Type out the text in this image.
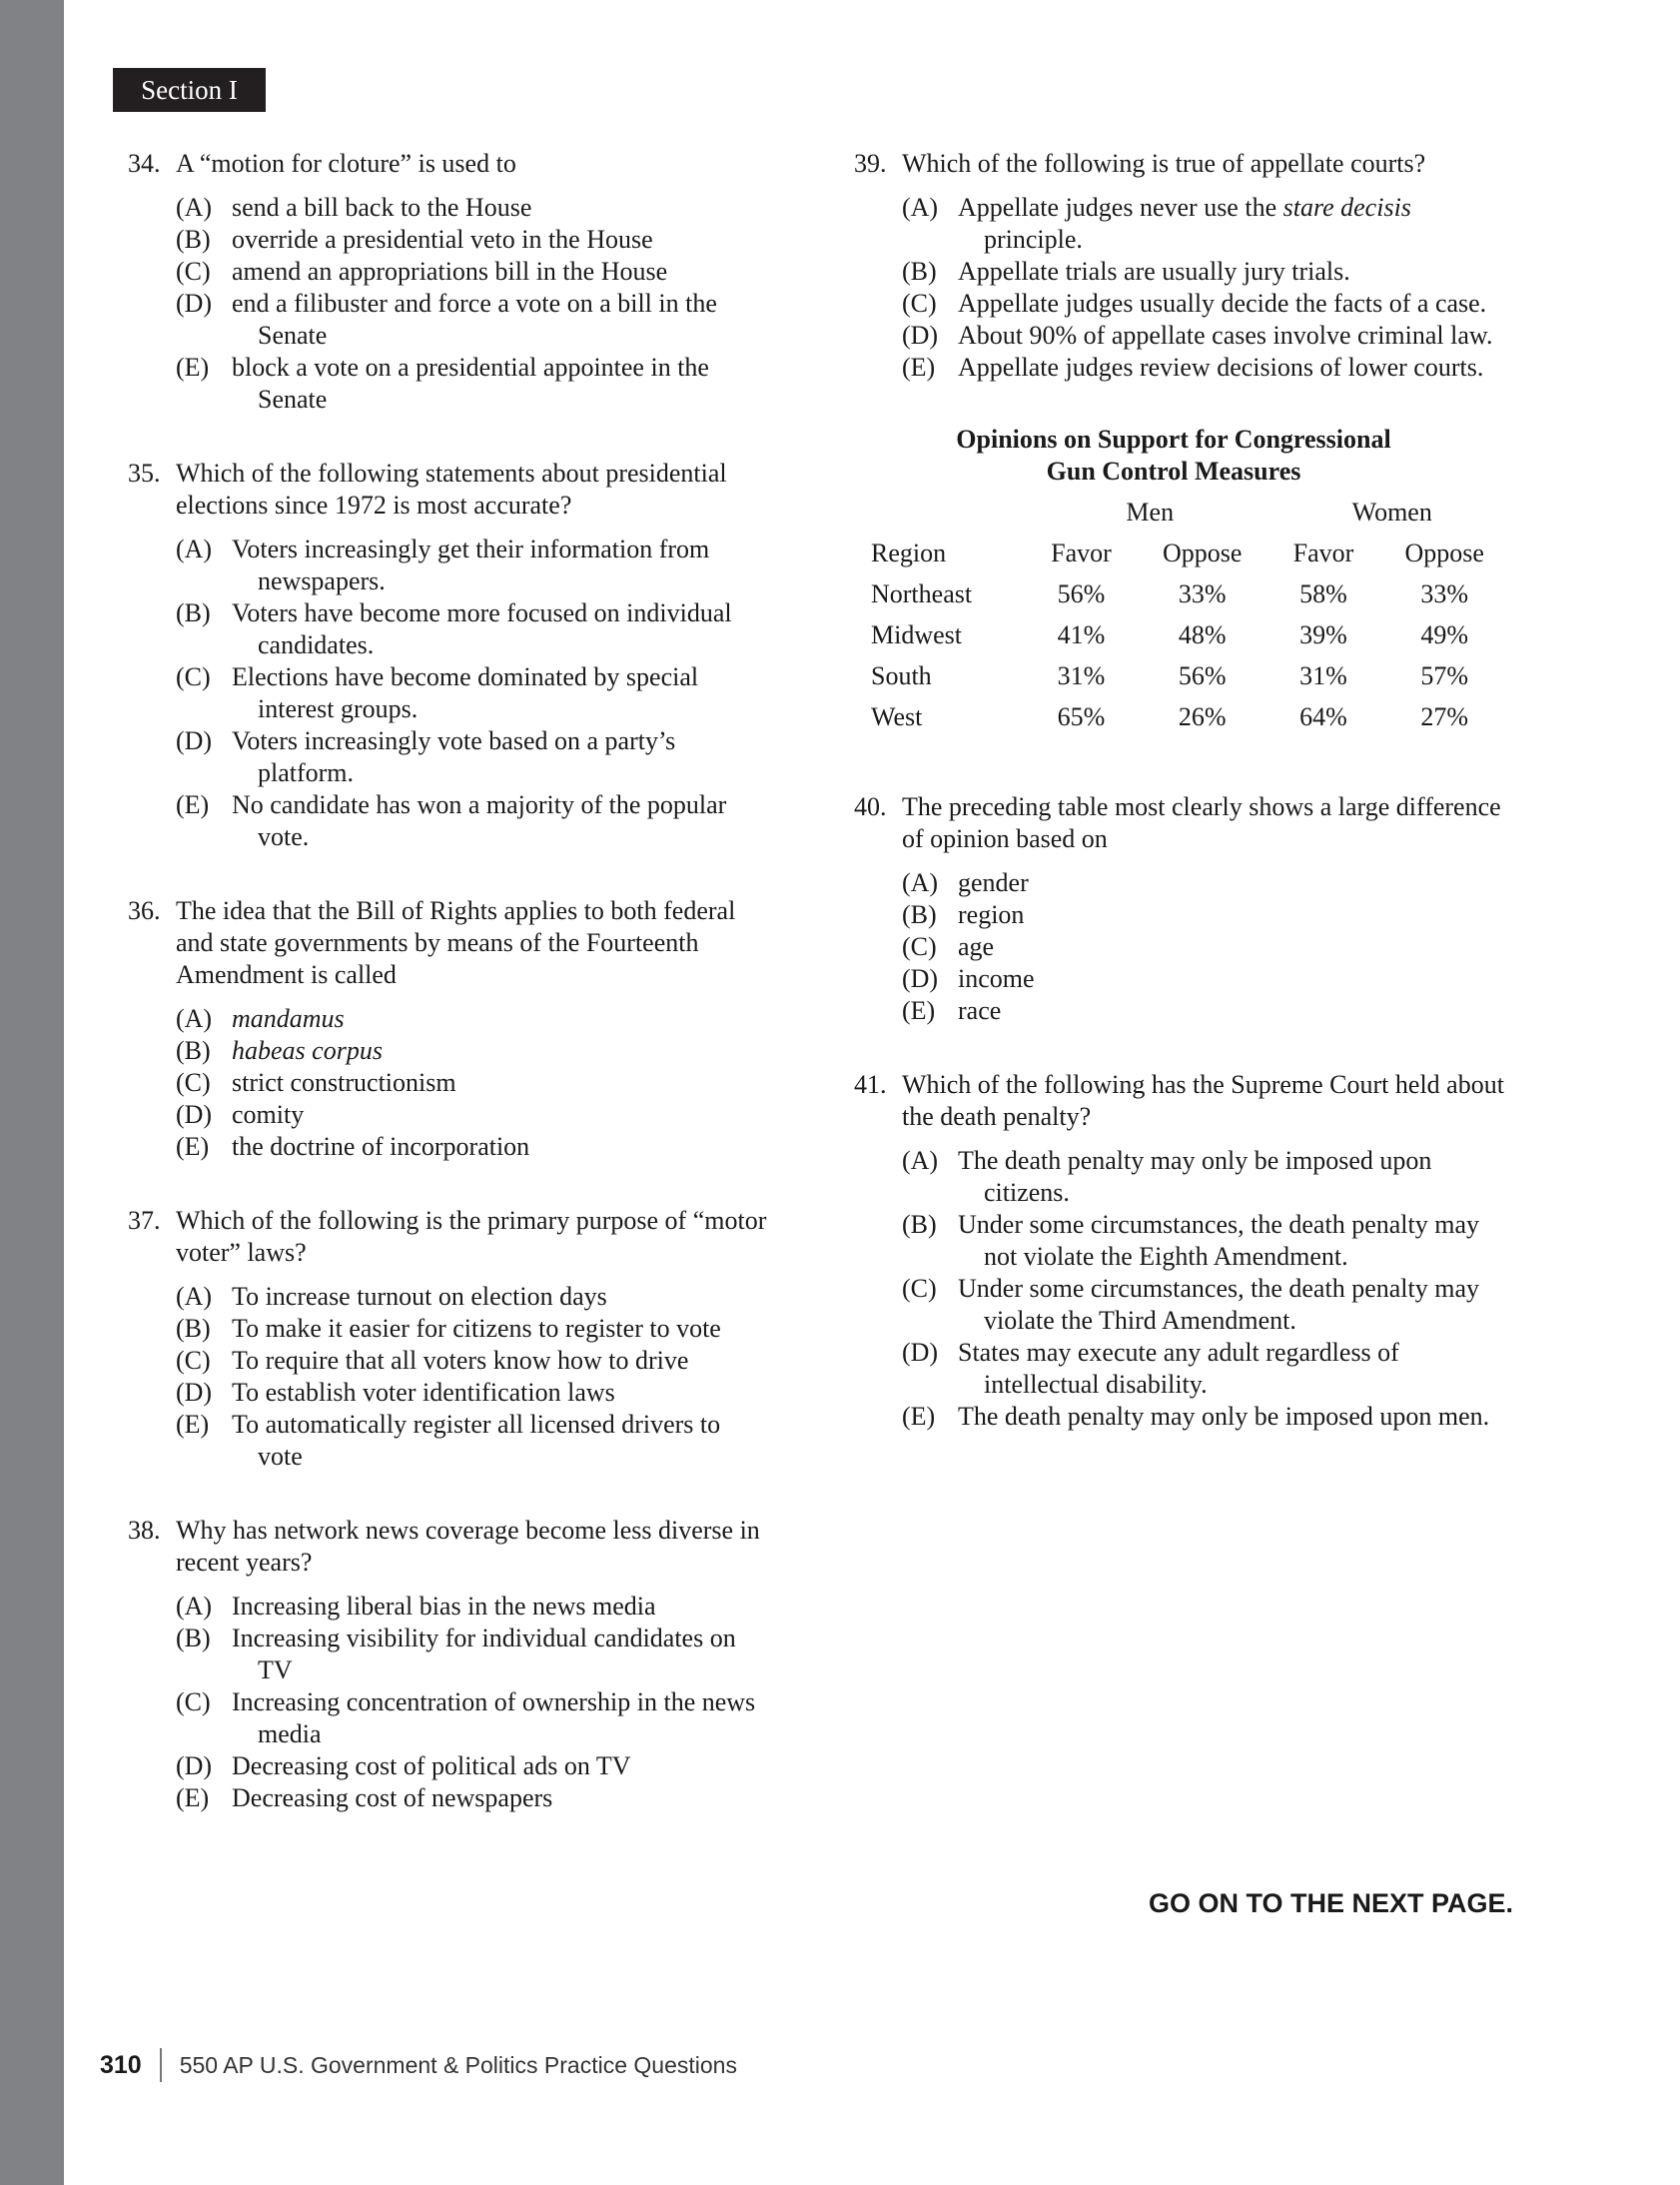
Section I
34. A “motion for cloture” is used to
(A) send a bill back to the House
(B) override a presidential veto in the House
(C) amend an appropriations bill in the House
(D) end a filibuster and force a vote on a bill in the Senate
(E) block a vote on a presidential appointee in the Senate
35. Which of the following statements about presidential elections since 1972 is most accurate?
(A) Voters increasingly get their information from newspapers.
(B) Voters have become more focused on individual candidates.
(C) Elections have become dominated by special interest groups.
(D) Voters increasingly vote based on a party’s platform.
(E) No candidate has won a majority of the popular vote.
36. The idea that the Bill of Rights applies to both federal and state governments by means of the Fourteenth Amendment is called
(A) mandamus
(B) habeas corpus
(C) strict constructionism
(D) comity
(E) the doctrine of incorporation
37. Which of the following is the primary purpose of “motor voter” laws?
(A) To increase turnout on election days
(B) To make it easier for citizens to register to vote
(C) To require that all voters know how to drive
(D) To establish voter identification laws
(E) To automatically register all licensed drivers to vote
38. Why has network news coverage become less diverse in recent years?
(A) Increasing liberal bias in the news media
(B) Increasing visibility for individual candidates on TV
(C) Increasing concentration of ownership in the news media
(D) Decreasing cost of political ads on TV
(E) Decreasing cost of newspapers
39. Which of the following is true of appellate courts?
(A) Appellate judges never use the stare decisis principle.
(B) Appellate trials are usually jury trials.
(C) Appellate judges usually decide the facts of a case.
(D) About 90% of appellate cases involve criminal law.
(E) Appellate judges review decisions of lower courts.
Opinions on Support for Congressional
Gun Control Measures
	Men		Women	
Region	Favor	Oppose	Favor	Oppose
Northeast	56%	33%	58%	33%
Midwest	41%	48%	39%	49%
South	31%	56%	31%	57%
West	65%	26%	64%	27%
40. The preceding table most clearly shows a large difference of opinion based on
(A) gender
(B) region
(C) age
(D) income
(E) race
41. Which of the following has the Supreme Court held about the death penalty?
(A) The death penalty may only be imposed upon citizens.
(B) Under some circumstances, the death penalty may not violate the Eighth Amendment.
(C) Under some circumstances, the death penalty may violate the Third Amendment.
(D) States may execute any adult regardless of intellectual disability.
(E) The death penalty may only be imposed upon men.
GO ON TO THE NEXT PAGE.
310 550 AP U.S. Government & Politics Practice Questions
